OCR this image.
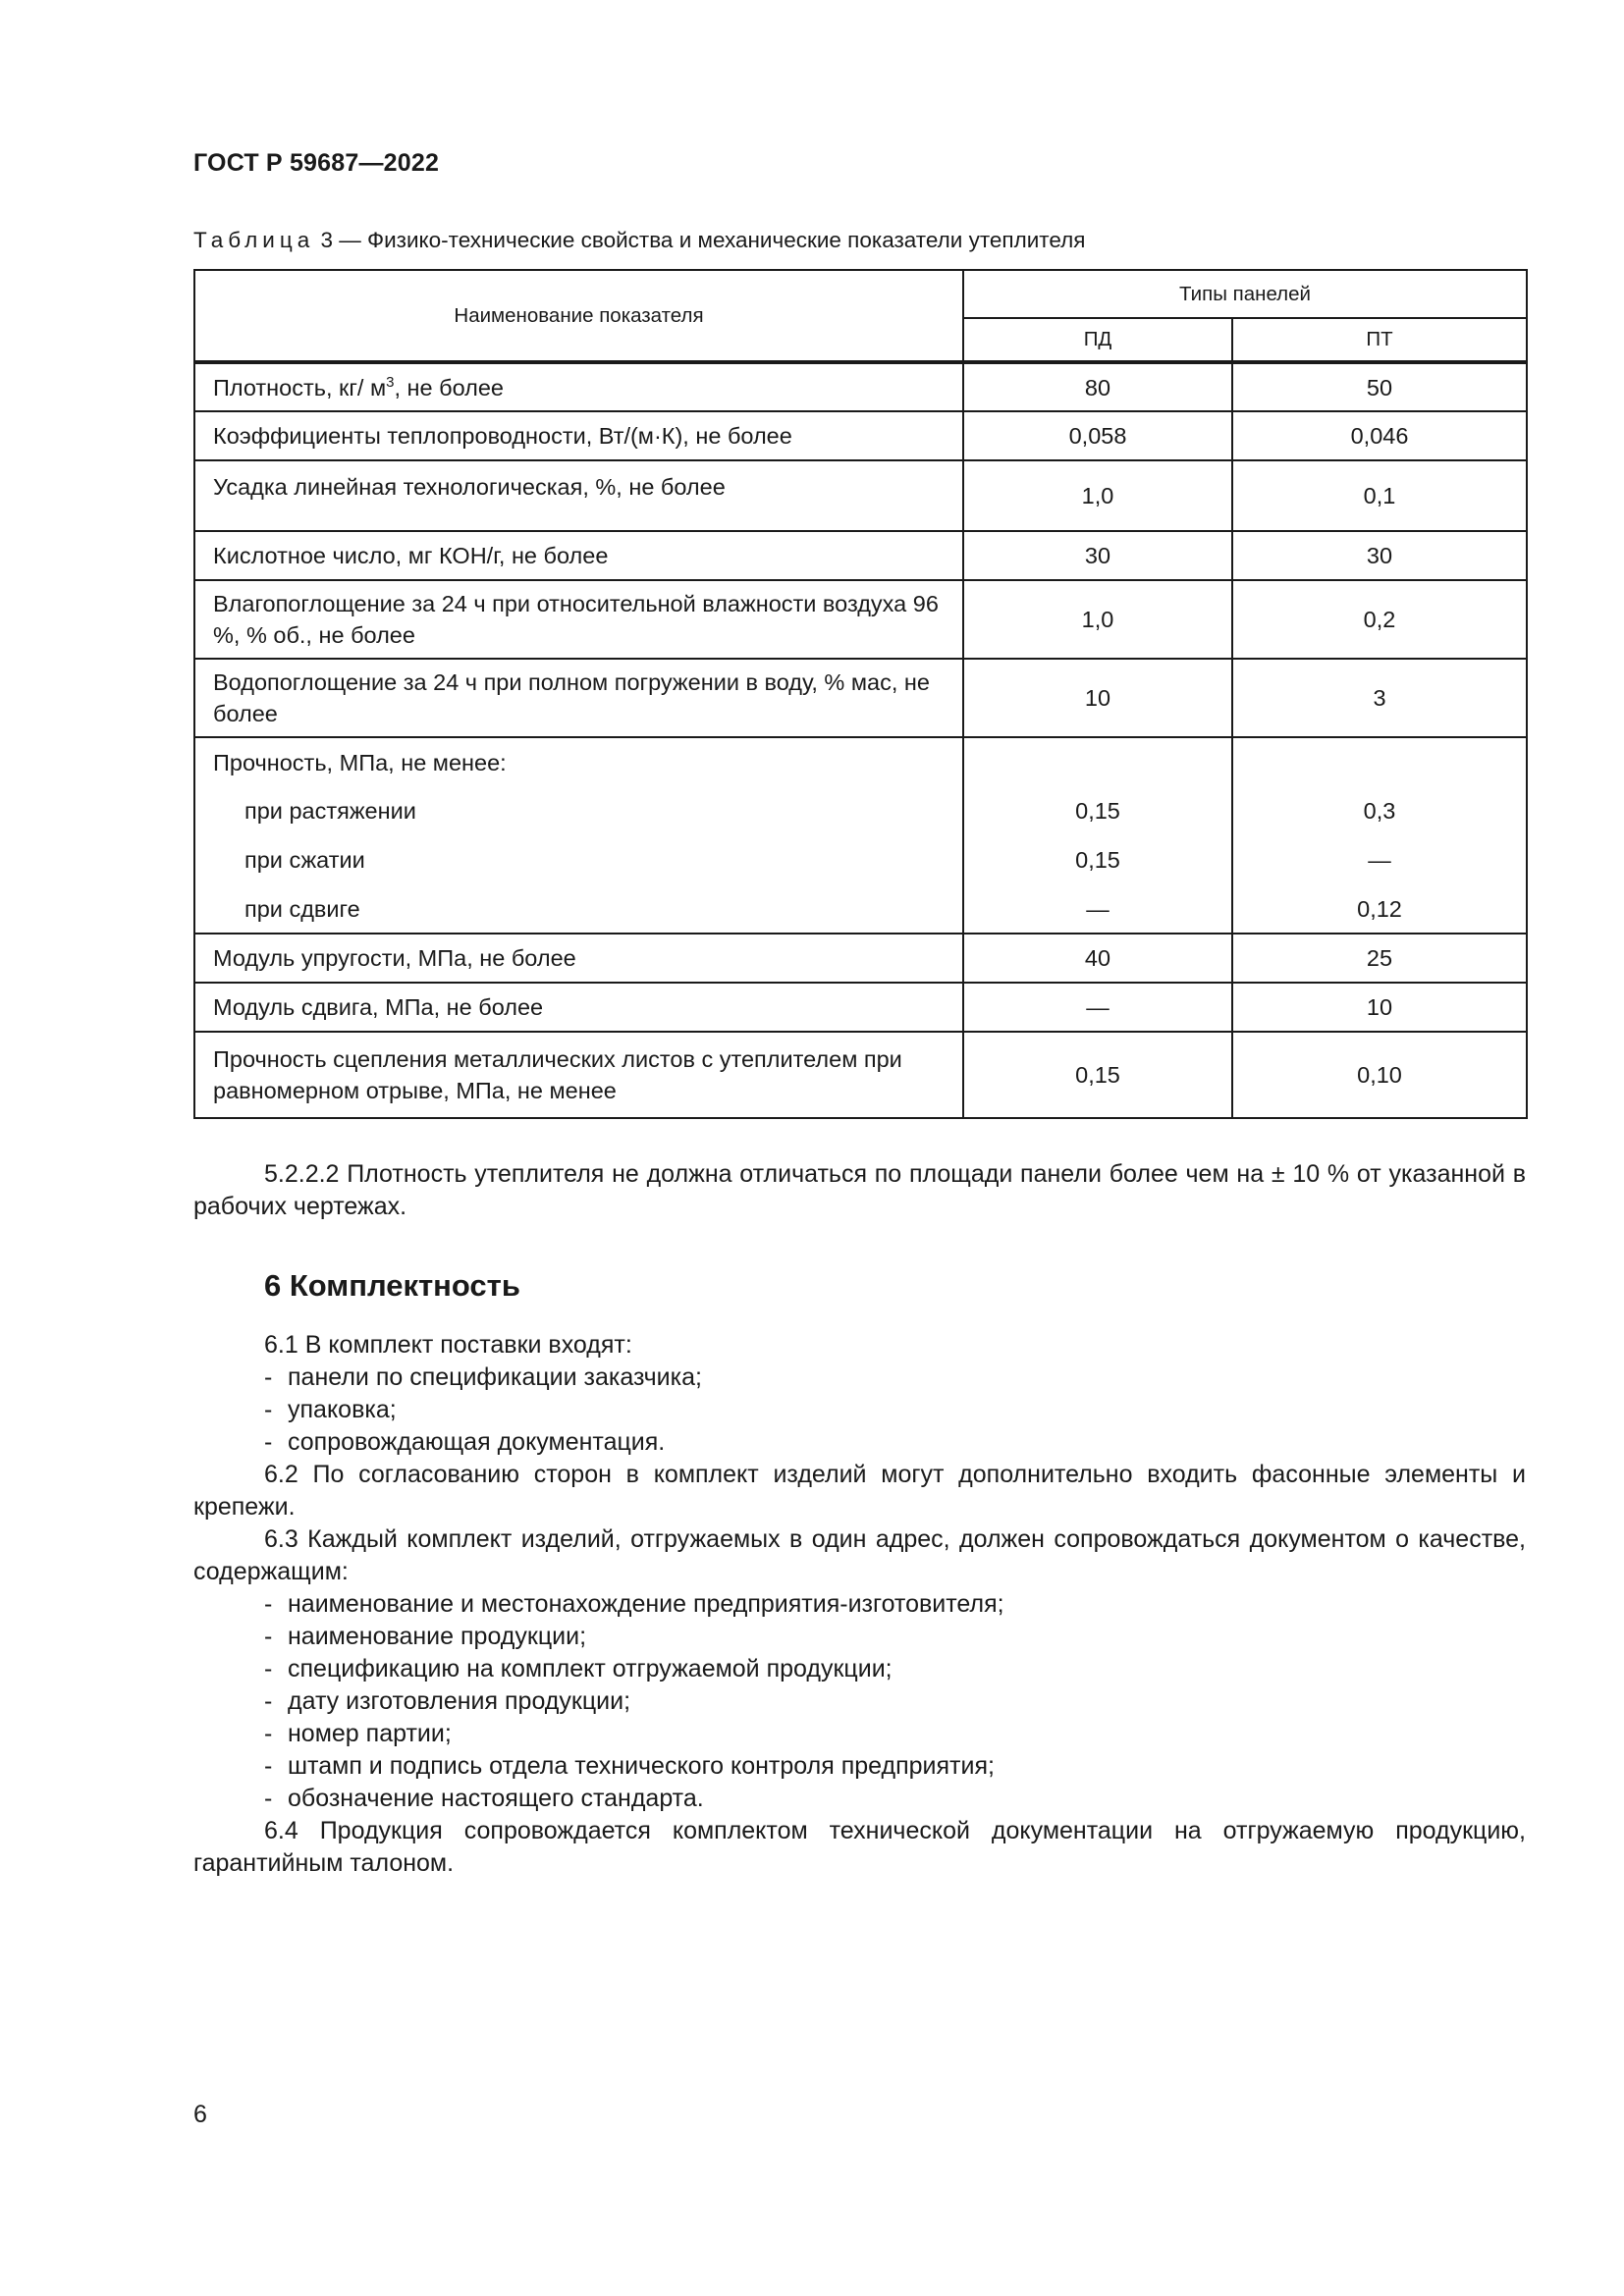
ГОСТ Р 59687—2022
Таблица 3 — Физико-технические свойства и механические показатели утеплителя
Наименование показателя	Типы панелей	
	ПД	ПТ
Плотность, кг/ $м^3$, не более	80	50
Коэффициенты теплопроводности, Вт/(м·К), не более	0,058	0,046
Усадка линейная технологическая, %, не более	1,0	0,1
Кислотное число, мг КОН/г, не более	30	30
Влагопоглощение за 24 ч при относительной влажности воздуха 96 %, % об., не более	1,0	0,2
Водопоглощение за 24 ч при полном погружении в воду, % мас, не более	10	3
Прочность, МПа, не менее:		
при растяжении	0,15	0,3
при сжатии	0,15	—
при сдвиге	—	0,12
Модуль упругости, МПа, не более	40	25
Модуль сдвига, МПа, не более	—	10
Прочность сцепления металлических листов с утеплителем при равномерном отрыве, МПа, не менее	0,15	0,10

5.2.2.2 Плотность утеплителя не должна отличаться по площади панели более чем на ± 10 % от указанной в рабочих чертежах.

6 Комплектность

6.1 В комплект поставки входят:

- панели по спецификации заказчика;

- упаковка;

- сопровождающая документация.

6.2 По согласованию сторон в комплект изделий могут дополнительно входить фасонные элементы и крепежи.

6.3 Каждый комплект изделий, отгружаемых в один адрес, должен сопровождаться документом о качестве, содержащим:

- наименование и местонахождение предприятия-изготовителя;

- наименование продукции;

- спецификацию на комплект отгружаемой продукции;

- дату изготовления продукции;

- номер партии;

- штамп и подпись отдела технического контроля предприятия;

- обозначение настоящего стандарта.

6.4 Продукция сопровождается комплектом технической документации на отгружаемую продукцию, гарантийным талоном.

6
